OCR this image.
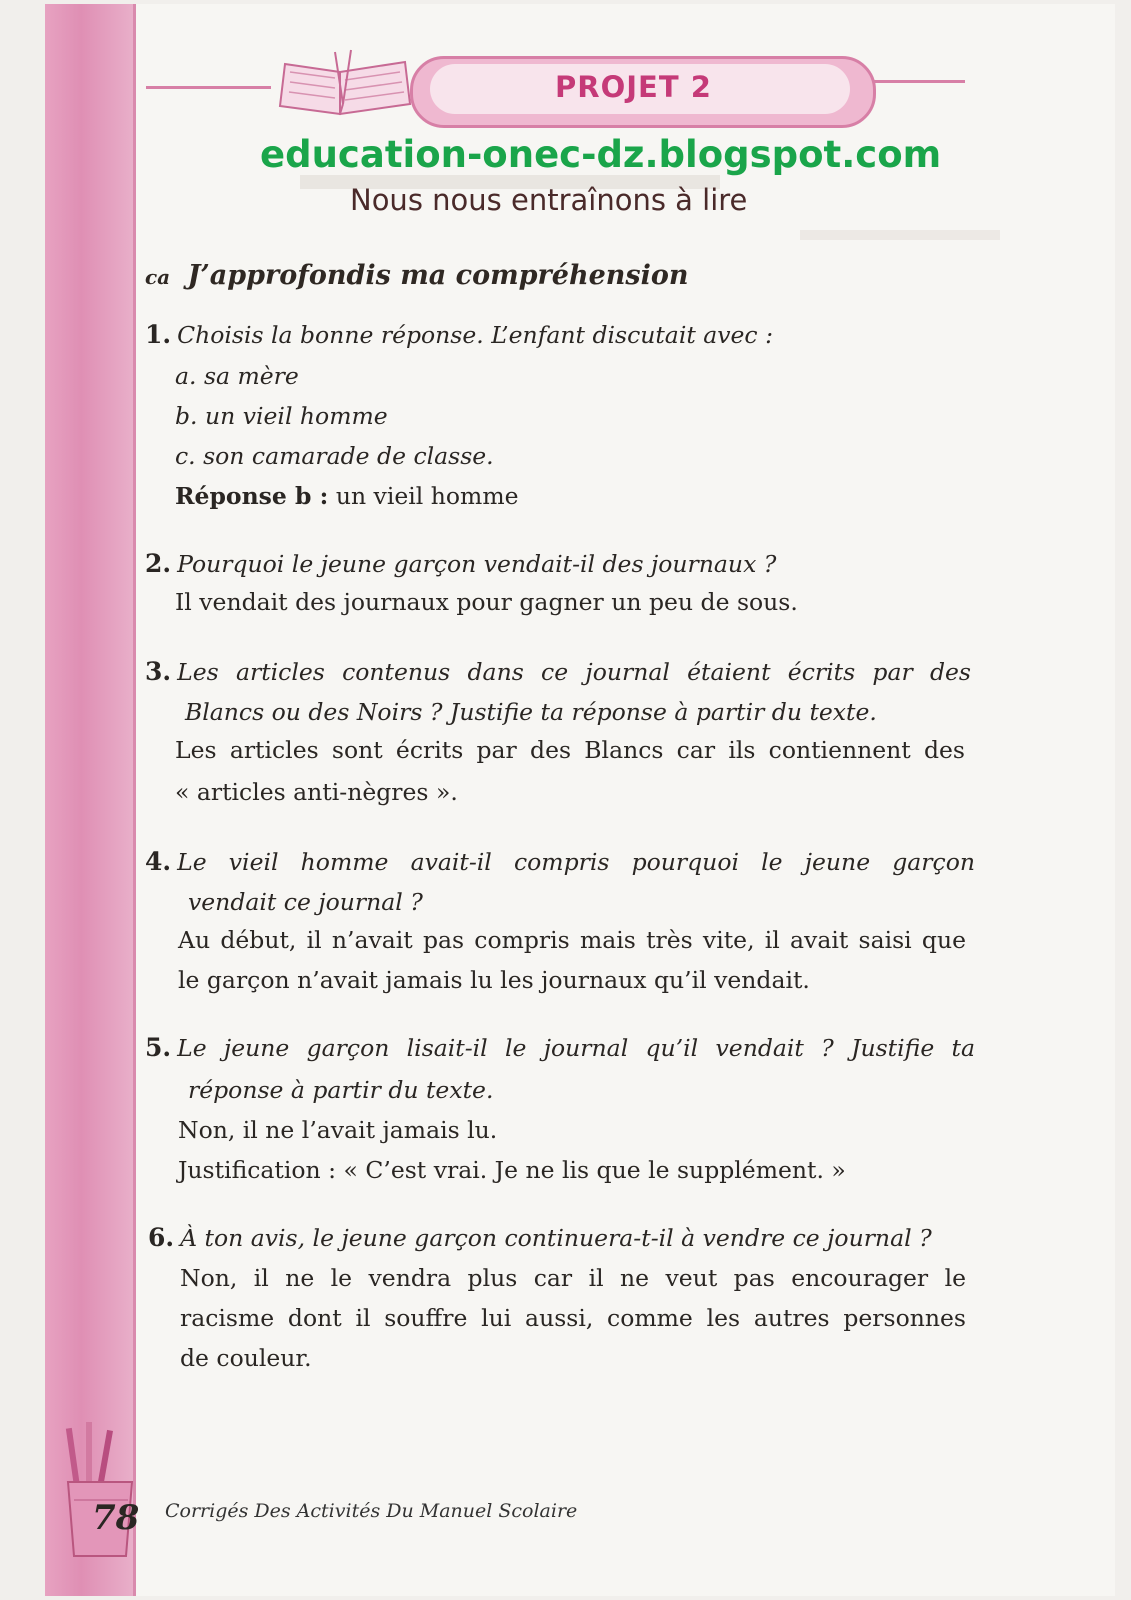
PROJET 2
education-onec-dz.blogspot.com
Nous nous entraînons à lire
ca J’approfondis ma compréhension
1. Choisis la bonne réponse. L’enfant discutait avec :
a. sa mère
b. un vieil homme
c. son camarade de classe.
Réponse b : un vieil homme
2. Pourquoi le jeune garçon vendait-il des journaux ?
Il vendait des journaux pour gagner un peu de sous.
3. Les articles contenus dans ce journal étaient écrits par des
Blancs ou des Noirs ? Justifie ta réponse à partir du texte.
Les articles sont écrits par des Blancs car ils contiennent des
« articles anti-nègres ».
4. Le vieil homme avait-il compris pourquoi le jeune garçon
vendait ce journal ?
Au début, il n’avait pas compris mais très vite, il avait saisi que
le garçon n’avait jamais lu les journaux qu’il vendait.
5. Le jeune garçon lisait-il le journal qu’il vendait ? Justifie ta
réponse à partir du texte.
Non, il ne l’avait jamais lu.
Justification : « C’est vrai. Je ne lis que le supplément. »
6. À ton avis, le jeune garçon continuera-t-il à vendre ce journal ?
Non, il ne le vendra plus car il ne veut pas encourager le
racisme dont il souffre lui aussi, comme les autres personnes
de couleur.
78 Corrigés Des Activités Du Manuel Scolaire
